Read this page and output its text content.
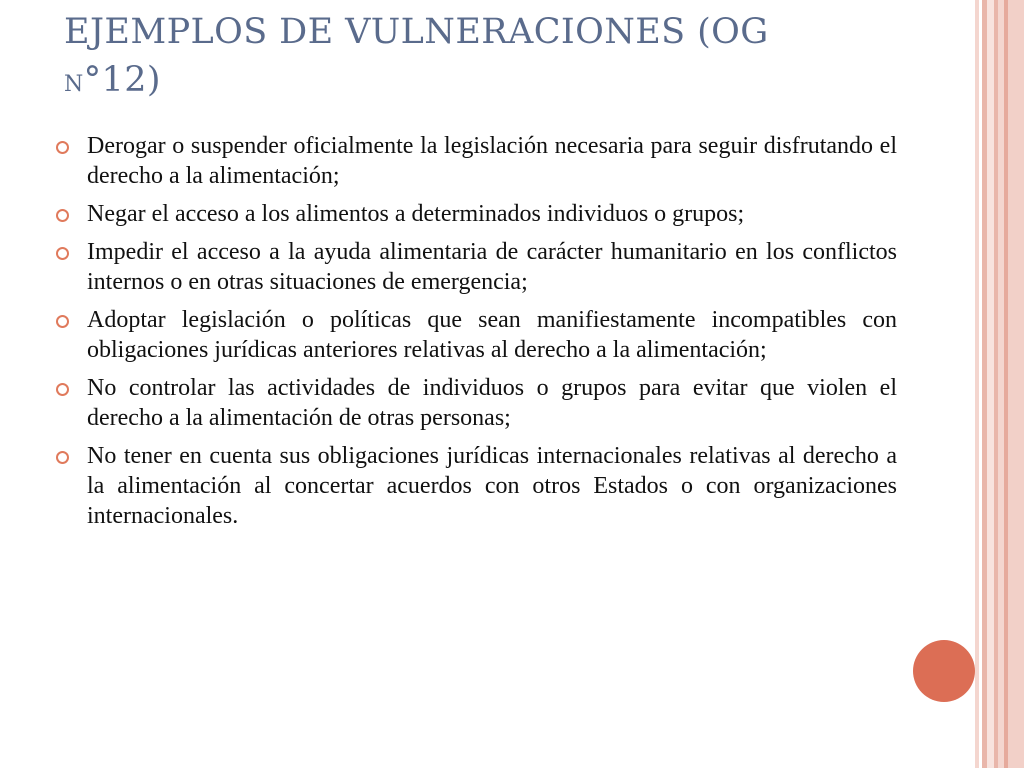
EJEMPLOS DE VULNERACIONES (OG
N°12)
Derogar o suspender oficialmente la legislación necesaria para seguir disfrutando el derecho a la alimentación;
Negar el acceso a los alimentos a determinados individuos o grupos;
Impedir el acceso a la ayuda alimentaria de carácter humanitario en los conflictos internos o en otras situaciones de emergencia;
Adoptar legislación o políticas que sean manifiestamente incompatibles con obligaciones jurídicas anteriores relativas al derecho a la alimentación;
No controlar las actividades de individuos o grupos para evitar que violen el derecho a la alimentación de otras personas;
No tener en cuenta sus obligaciones jurídicas internacionales relativas al derecho a la alimentación al concertar acuerdos con otros Estados o con organizaciones internacionales.
